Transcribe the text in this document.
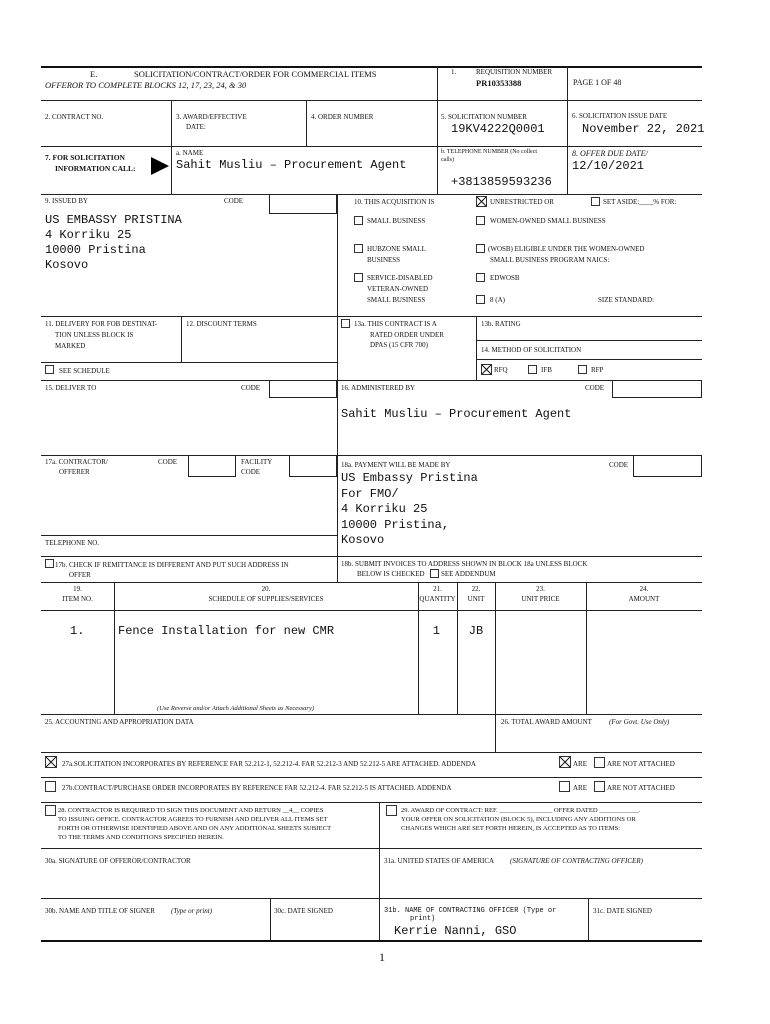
E.	SOLICITATION/CONTRACT/ORDER FOR COMMERCIAL ITEMS
OFFEROR TO COMPLETE BLOCKS 12, 17, 23, 24, & 30
1.	REQUISITION NUMBER
PR10353388	PAGE 1 OF 48
2. CONTRACT NO.	3. AWARD/EFFECTIVE
DATE:
4. ORDER NUMBER	5. SOLICITATION NUMBER
19KV4222Q0001
6. SOLICITATION ISSUE DATE
November 22, 2021
7. FOR SOLICITATION
INFORMATION CALL:
a. NAME
Sahit Musliu – Procurement Agent
b. TELEPHONE NUMBER (No collect
calls)
+3813859593236
8. OFFER DUE DATE/
12/10/2021
9. ISSUED BY	CODE
US EMBASSY PRISTINA
4 Korriku 25
10000 Pristina
Kosovo
10. THIS ACQUISITION IS	UNRESTRICTED OR	SET ASIDE:____% FOR:
SMALL BUSINESS	WOMEN-OWNED SMALL BUSINESS
HUBZONE SMALL
BUSINESS
(WOSB) ELIGIBLE UNDER THE WOMEN-OWNED
SMALL BUSINESS PROGRAM NAICS:
SERVICE-DISABLED
VETERAN-OWNED
SMALL BUSINESS
EDWOSB
8 (A)	SIZE STANDARD:
11. DELIVERY FOR FOB DESTINAT-
TION UNLESS BLOCK IS
MARKED
SEE SCHEDULE
12. DISCOUNT TERMS	13a. THIS CONTRACT IS A
RATED ORDER UNDER
DPAS (15 CFR 700)
13b. RATING
14. METHOD OF SOLICITATION
RFQ	IFB	RFP
15. DELIVER TO	CODE	16. ADMINISTERED BY	CODE
Sahit Musliu – Procurement Agent
17a. CONTRACTOR/
OFFERER
CODE	FACILITY
CODE
TELEPHONE NO.
17b. CHECK IF REMITTANCE IS DIFFERENT AND PUT SUCH ADDRESS IN
OFFER
18a. PAYMENT WILL BE MADE BY	CODE
US Embassy Pristina
For FMO/
4 Korriku 25
10000 Pristina,
Kosovo
18b. SUBMIT INVOICES TO ADDRESS SHOWN IN BLOCK 18a UNLESS BLOCK
BELOW IS CHECKED SEE ADDENDUM
19.
ITEM NO.
20.
SCHEDULE OF SUPPLIES/SERVICES
21.
QUANTITY
22.
UNIT
23.
UNIT PRICE
24.
AMOUNT
1.	Fence Installation for new CMR	1	JB
(Use Reverse and/or Attach Additional Sheets as Necessary)
25. ACCOUNTING AND APPROPRIATION DATA	26. TOTAL AWARD AMOUNT (For Govt. Use Only)
27a.SOLICITATION INCORPORATES BY REFERENCE FAR 52.212-1, 52.212-4. FAR 52.212-3 AND 52.212-5 ARE ATTACHED. ADDENDA	ARE	ARE NOT ATTACHED
27b.CONTRACT/PURCHASE ORDER INCORPORATES BY REFERENCE FAR 52.212-4. FAR 52.212-5 IS ATTACHED. ADDENDA	ARE	ARE NOT ATTACHED
28. CONTRACTOR IS REQUIRED TO SIGN THIS DOCUMENT AND RETURN __4__ COPIES
TO ISSUING OFFICE. CONTRACTOR AGREES TO FURNISH AND DELIVER ALL ITEMS SET
FORTH OR OTHERWISE IDENTIFIED ABOVE AND ON ANY ADDITIONAL SHEETS SUBJECT
TO THE TERMS AND CONDITIONS SPECIFIED HEREIN.
29. AWARD OF CONTRACT: REF. ________________ OFFER DATED ____________.
YOUR OFFER ON SOLICITATION (BLOCK 5), INCLUDING ANY ADDITIONS OR
CHANGES WHICH ARE SET FORTH HEREIN, IS ACCEPTED AS TO ITEMS:
30a. SIGNATURE OF OFFEROR/CONTRACTOR	31a. UNITED STATES OF AMERICA (SIGNATURE OF CONTRACTING OFFICER)
30b. NAME AND TITLE OF SIGNER (Type or print)	30c. DATE SIGNED	31b. NAME OF CONTRACTING OFFICER (Type or
print)
Kerrie Nanni, GSO
31c. DATE SIGNED
1
